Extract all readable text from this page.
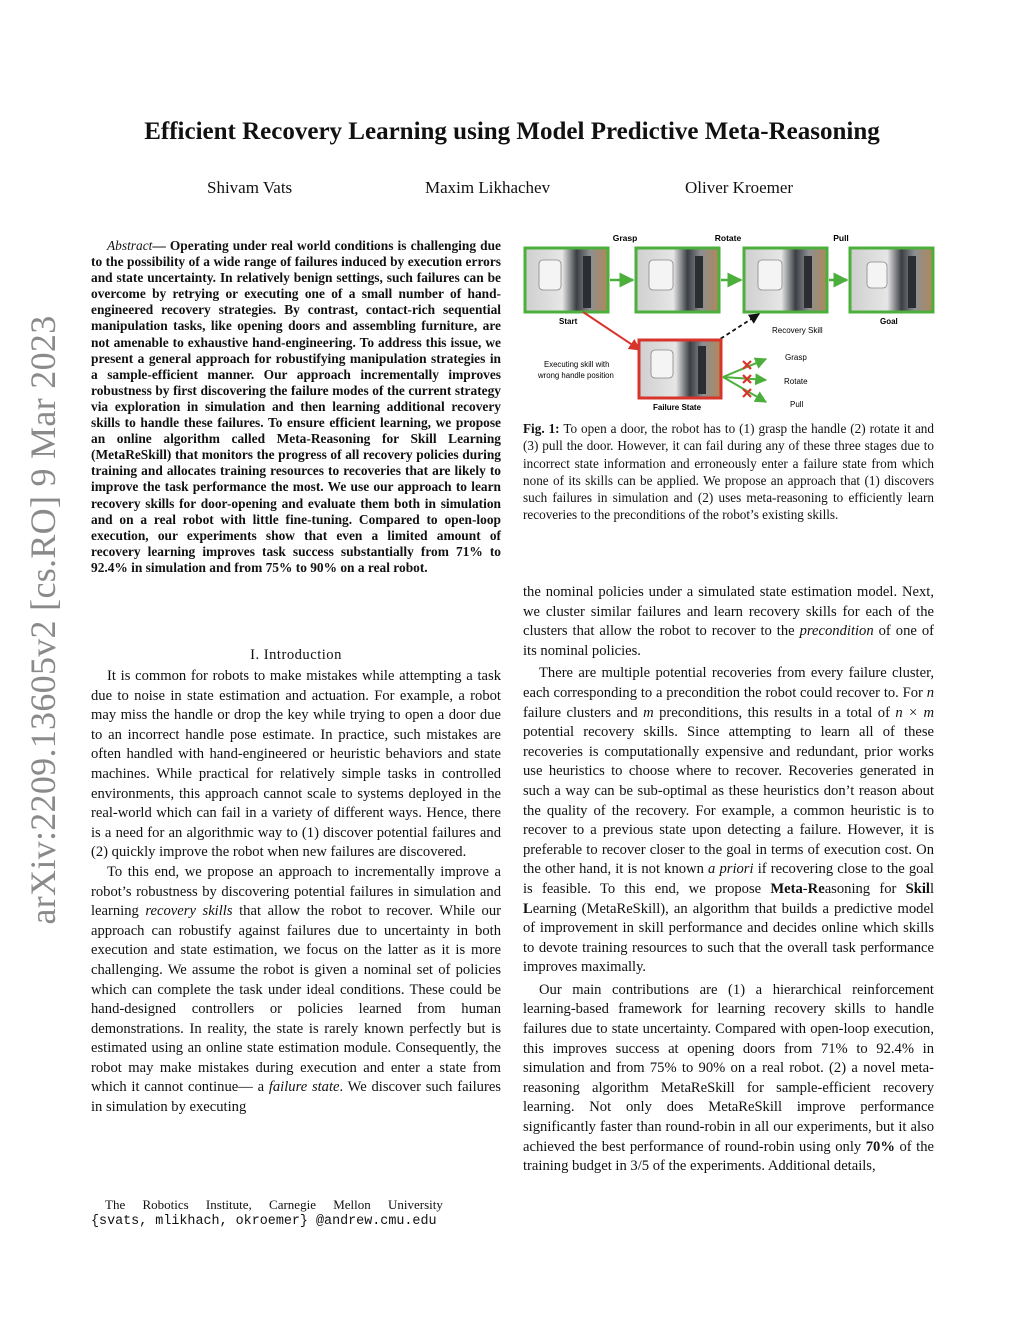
arXiv:2209.13605v2 [cs.RO] 9 Mar 2023
Efficient Recovery Learning using Model Predictive Meta-Reasoning
Shivam Vats	Maxim Likhachev	Oliver Kroemer

Abstract— Operating under real world conditions is challenging due to the possibility of a wide range of failures induced by execution errors and state uncertainty. In relatively benign settings, such failures can be overcome by retrying or executing one of a small number of hand-engineered recovery strategies. By contrast, contact-rich sequential manipulation tasks, like opening doors and assembling furniture, are not amenable to exhaustive hand-engineering. To address this issue, we present a general approach for robustifying manipulation strategies in a sample-efficient manner. Our approach incrementally improves robustness by first discovering the failure modes of the current strategy via exploration in simulation and then learning additional recovery skills to handle these failures. To ensure efficient learning, we propose an online algorithm called Meta-Reasoning for Skill Learning (MetaReSkill) that monitors the progress of all recovery policies during training and allocates training resources to recoveries that are likely to improve the task performance the most. We use our approach to learn recovery skills for door-opening and evaluate them both in simulation and on a real robot with little fine-tuning. Compared to open-loop execution, our experiments show that even a limited amount of recovery learning improves task success substantially from 71% to 92.4% in simulation and from 75% to 90% on a real robot.

I. Introduction

It is common for robots to make mistakes while attempting a task due to noise in state estimation and actuation. For example, a robot may miss the handle or drop the key while trying to open a door due to an incorrect handle pose estimate. In practice, such mistakes are often handled with hand-engineered or heuristic behaviors and state machines. While practical for relatively simple tasks in controlled environments, this approach cannot scale to systems deployed in the real-world which can fail in a variety of different ways. Hence, there is a need for an algorithmic way to (1) discover potential failures and (2) quickly improve the robot when new failures are discovered.

To this end, we propose an approach to incrementally improve a robot’s robustness by discovering potential failures in simulation and learning recovery skills that allow the robot to recover. While our approach can robustify against failures due to uncertainty in both execution and state estimation, we focus on the latter as it is more challenging. We assume the robot is given a nominal set of policies which can complete the task under ideal conditions. These could be hand-designed controllers or policies learned from human demonstrations. In reality, the state is rarely known perfectly but is estimated using an online state estimation module. Consequently, the robot may make mistakes during execution and enter a state from which it cannot continue— a failure state. We discover such failures in simulation by executing

The Robotics Institute, Carnegie Mellon University
{svats, mlikhach, okroemer} @andrew.cmu.edu
Grasp	Rotate	Pull
Start	Goal
Recovery Skill
Executing skill with
wrong handle position
Failure State
Grasp
Rotate
Pull
Fig. 1: To open a door, the robot has to (1) grasp the handle (2) rotate it and (3) pull the door. However, it can fail during any of these three stages due to incorrect state information and erroneously enter a failure state from which none of its skills can be applied. We propose an approach that (1) discovers such failures in simulation and (2) uses meta-reasoning to efficiently learn recoveries to the preconditions of the robot’s existing skills.

the nominal policies under a simulated state estimation model. Next, we cluster similar failures and learn recovery skills for each of the clusters that allow the robot to recover to the precondition of one of its nominal policies.

There are multiple potential recoveries from every failure cluster, each corresponding to a precondition the robot could recover to. For n failure clusters and m preconditions, this results in a total of n × m potential recovery skills. Since attempting to learn all of these recoveries is computationally expensive and redundant, prior works use heuristics to choose where to recover. Recoveries generated in such a way can be sub-optimal as these heuristics don’t reason about the quality of the recovery. For example, a common heuristic is to recover to a previous state upon detecting a failure. However, it is preferable to recover closer to the goal in terms of execution cost. On the other hand, it is not known a priori if recovering close to the goal is feasible. To this end, we propose Meta-Reasoning for Skill Learning (MetaReSkill), an algorithm that builds a predictive model of improvement in skill performance and decides online which skills to devote training resources to such that the overall task performance improves maximally.

Our main contributions are (1) a hierarchical reinforcement learning-based framework for learning recovery skills to handle failures due to state uncertainty. Compared with open-loop execution, this improves success at opening doors from 71% to 92.4% in simulation and from 75% to 90% on a real robot. (2) a novel meta-reasoning algorithm MetaReSkill for sample-efficient recovery learning. Not only does MetaReSkill improve performance significantly faster than round-robin in all our experiments, but it also achieved the best performance of round-robin using only 70% of the training budget in 3/5 of the experiments. Additional details,
